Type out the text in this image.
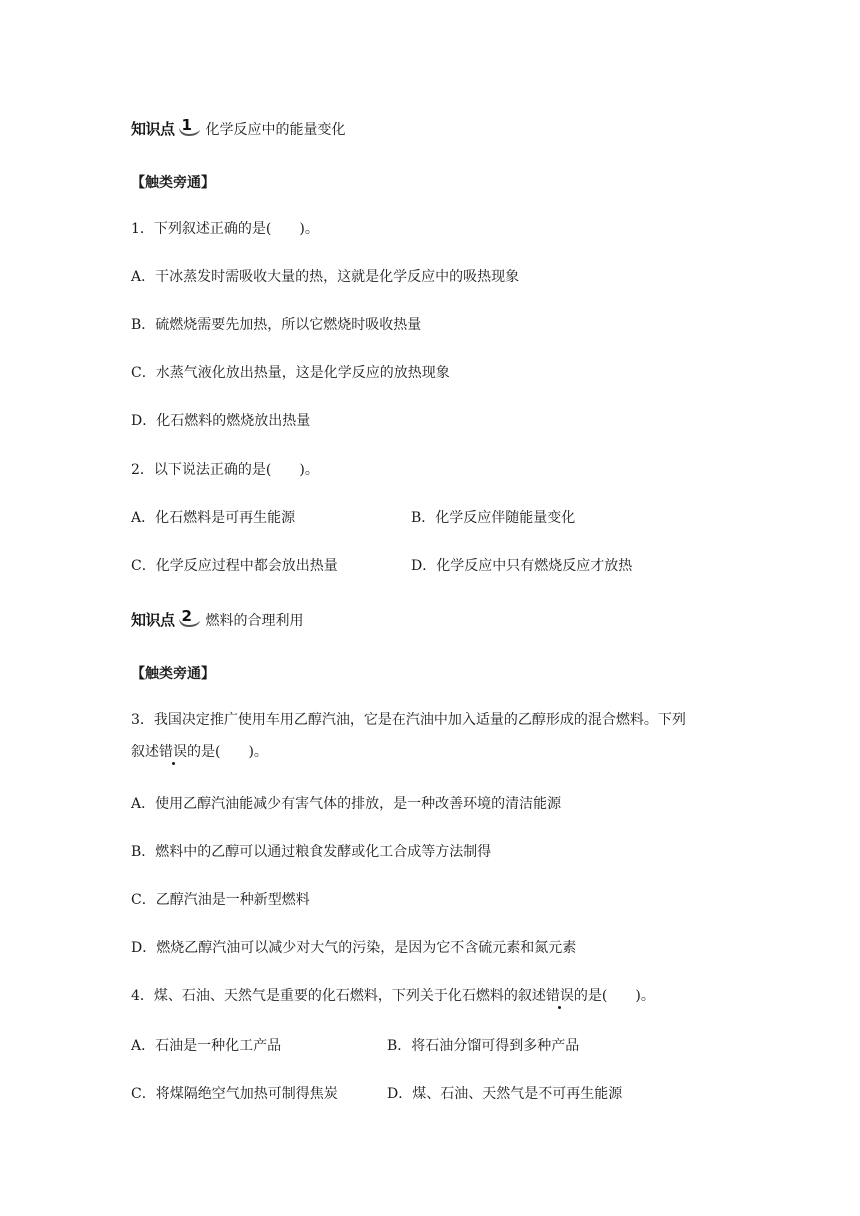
知识点 1 化学反应中的能量变化
【触类旁通】
1．下列叙述正确的是(　　)。
A．干冰蒸发时需吸收大量的热，这就是化学反应中的吸热现象
B．硫燃烧需要先加热，所以它燃烧时吸收热量
C．水蒸气液化放出热量，这是化学反应的放热现象
D．化石燃料的燃烧放出热量
2．以下说法正确的是(　　)。
A．化石燃料是可再生能源	B．化学反应伴随能量变化
C．化学反应过程中都会放出热量	D．化学反应中只有燃烧反应才放热
知识点 2 燃料的合理利用
【触类旁通】
3．我国决定推广使用车用乙醇汽油，它是在汽油中加入适量的乙醇形成的混合燃料。下列
叙述错误的是(　　)。
A．使用乙醇汽油能减少有害气体的排放，是一种改善环境的清洁能源
B．燃料中的乙醇可以通过粮食发酵或化工合成等方法制得
C．乙醇汽油是一种新型燃料
D．燃烧乙醇汽油可以减少对大气的污染，是因为它不含硫元素和氮元素
4．煤、石油、天然气是重要的化石燃料，下列关于化石燃料的叙述错误的是(　　)。
A．石油是一种化工产品	B．将石油分馏可得到多种产品
C．将煤隔绝空气加热可制得焦炭	D．煤、石油、天然气是不可再生能源
